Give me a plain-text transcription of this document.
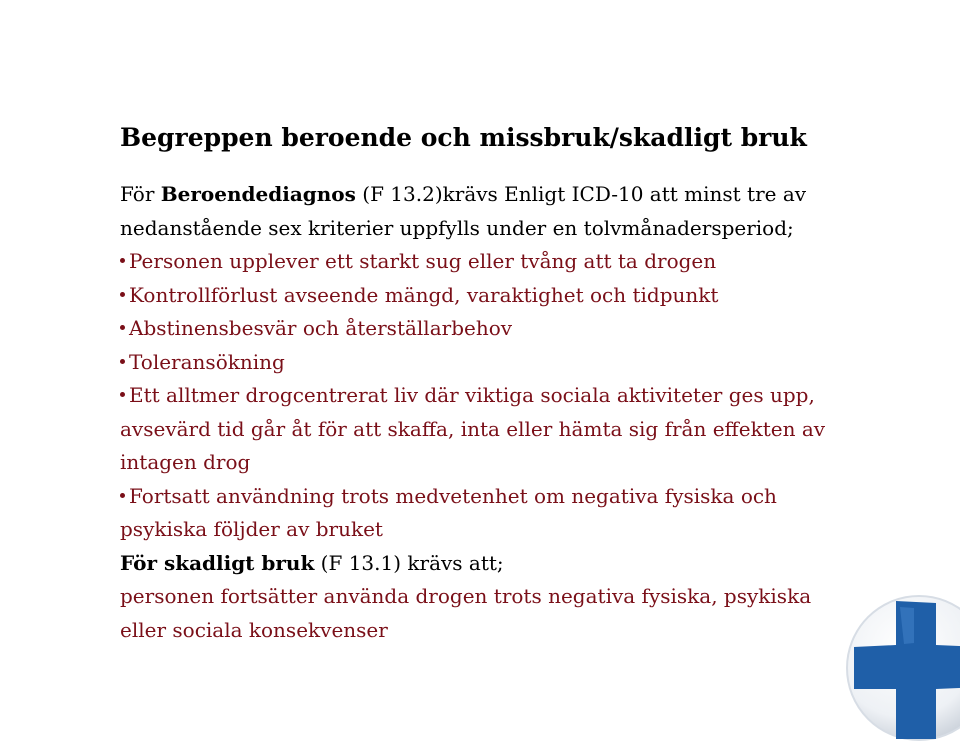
Begreppen beroende och missbruk/skadligt bruk
För Beroendediagnos (F 13.2)krävs Enligt ICD-10 att minst tre av
nedanstående sex kriterier uppfylls under en tolvmånadersperiod;
Personen upplever ett starkt sug eller tvång att ta drogen
Kontrollförlust avseende mängd, varaktighet och tidpunkt
Abstinensbesvär och återställarbehov
Toleransökning
Ett alltmer drogcentrerat liv där viktiga sociala aktiviteter ges upp,
avsevärd tid går åt för att skaffa, inta eller hämta sig från effekten av
intagen drog
Fortsatt användning trots medvetenhet om negativa fysiska och
psykiska följder av bruket
För skadligt bruk (F 13.1) krävs att;
personen fortsätter använda drogen trots negativa fysiska, psykiska
eller sociala konsekvenser
